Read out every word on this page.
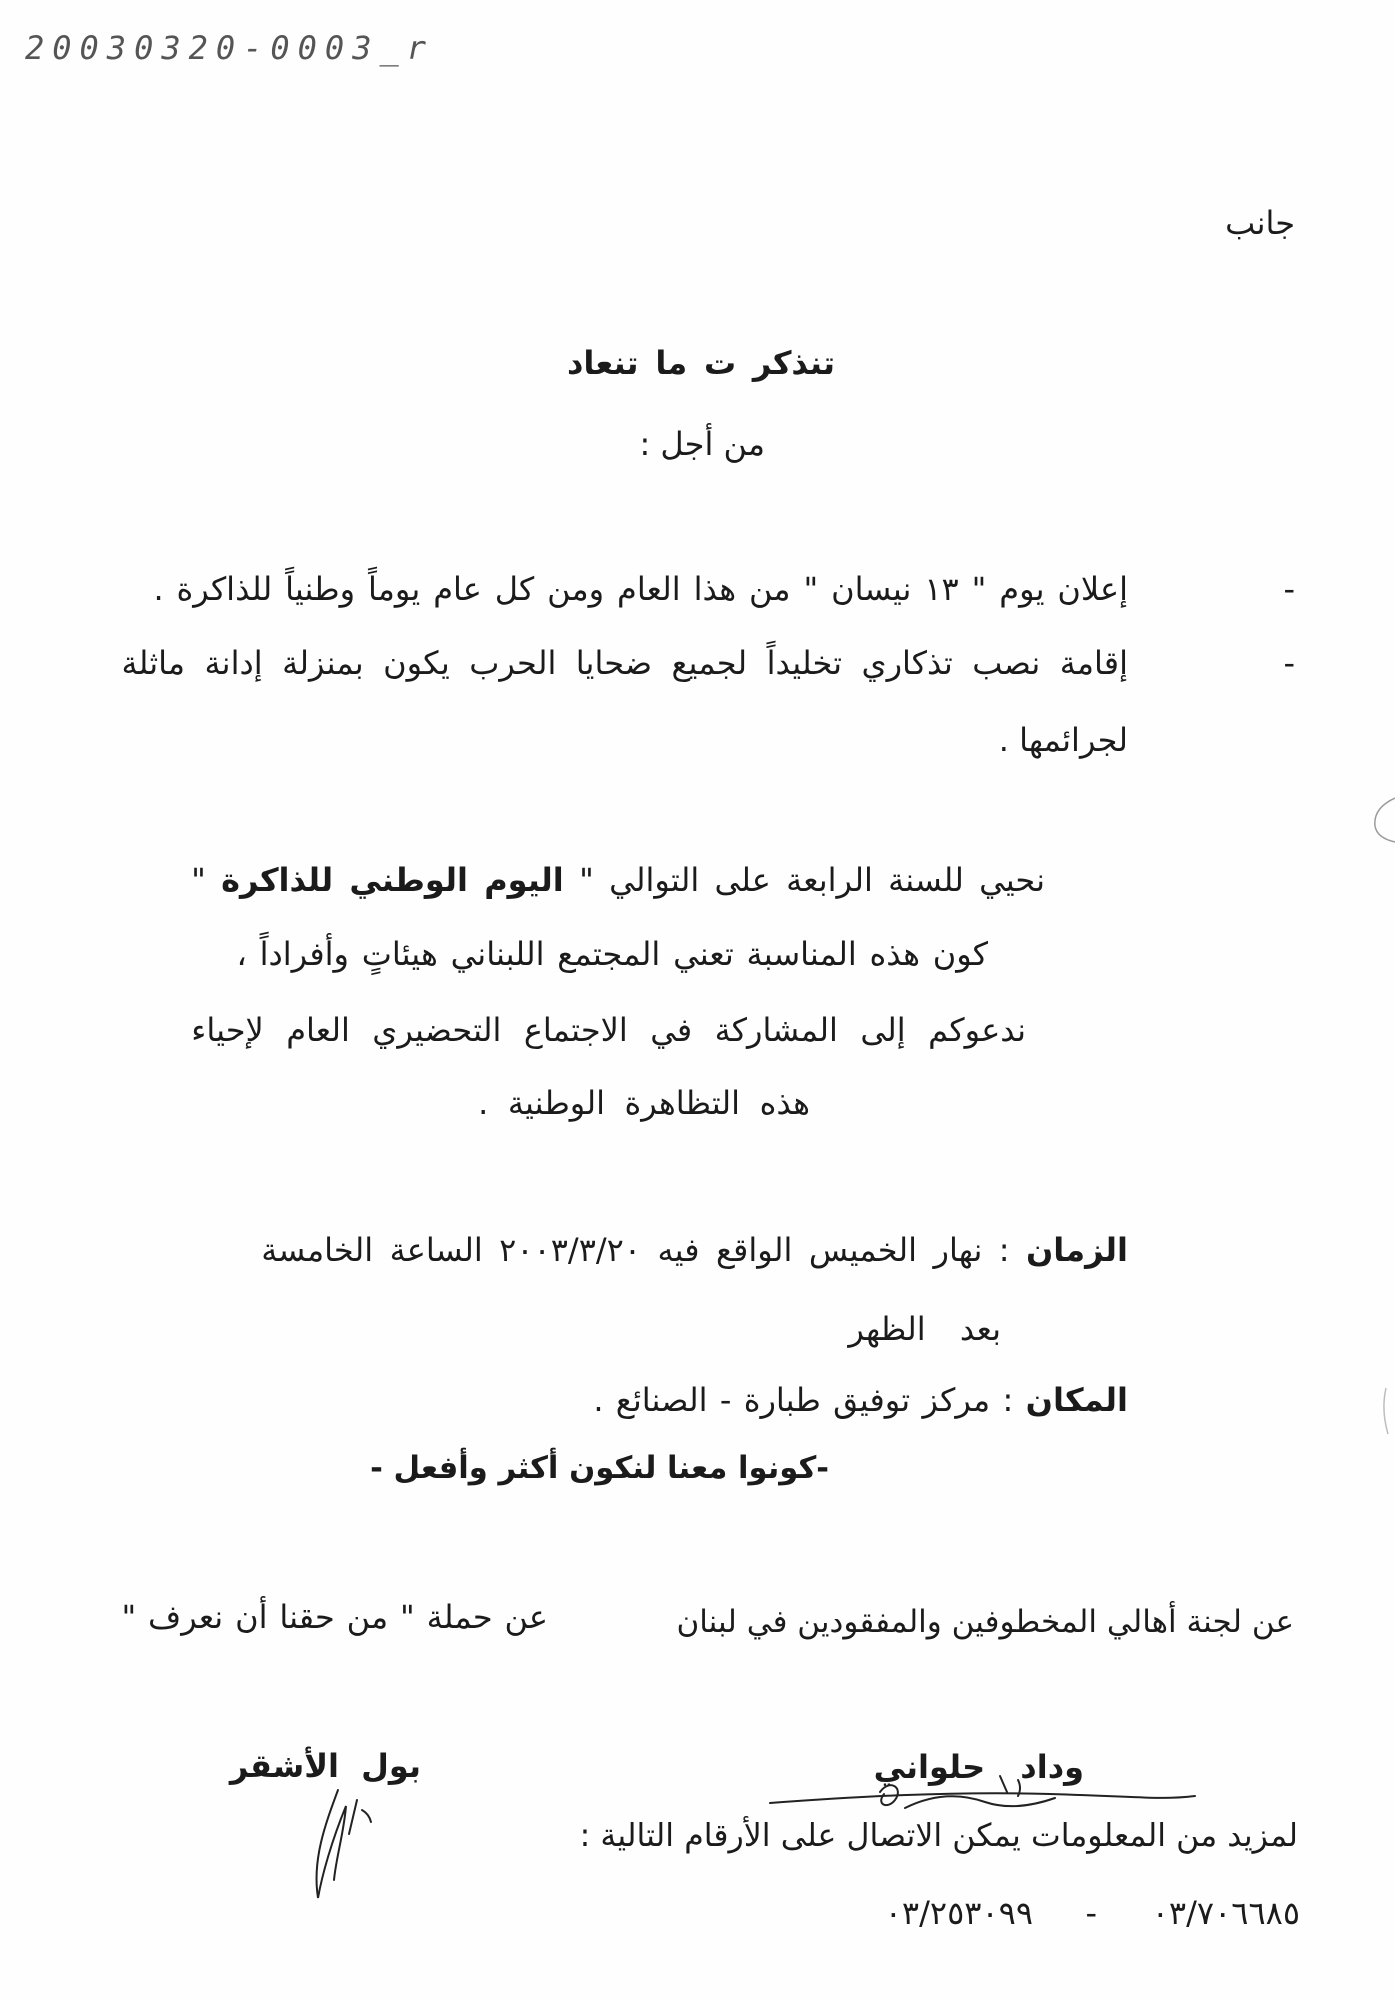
20030320-0003_r
جانب
تنذكر ت ما تنعاد
من أجل :
-
إعلان يوم " ١٣ نيسان " من هذا العام ومن كل عام يوماً وطنياً للذاكرة .
-
إقامة نصب تذكاري تخليداً لجميع ضحايا الحرب يكون بمنزلة إدانة ماثلة
لجرائمها .
نحيي للسنة الرابعة على التوالي " اليوم الوطني للذاكرة "
كون هذه المناسبة تعني المجتمع اللبناني هيئاتٍ وأفراداً ،
ندعوكم إلى المشاركة في الاجتماع التحضيري العام لإحياء
هذه التظاهرة الوطنية .
الزمان : نهار الخميس الواقع فيه ٢٠٠٣/٣/٢٠ الساعة الخامسة
بعد الظهر
المكان : مركز توفيق طبارة - الصنائع .
-كونوا معنا لنكون أكثر وأفعل -
عن لجنة أهالي المخطوفين والمفقودين في لبنان
عن حملة " من حقنا أن نعرف "
وداد حلواني
بول الأشقر
لمزيد من المعلومات يمكن الاتصال على الأرقام التالية :
٠٣/٧٠٦٦٨٥
-
٠٣/٢٥٣٠٩٩
